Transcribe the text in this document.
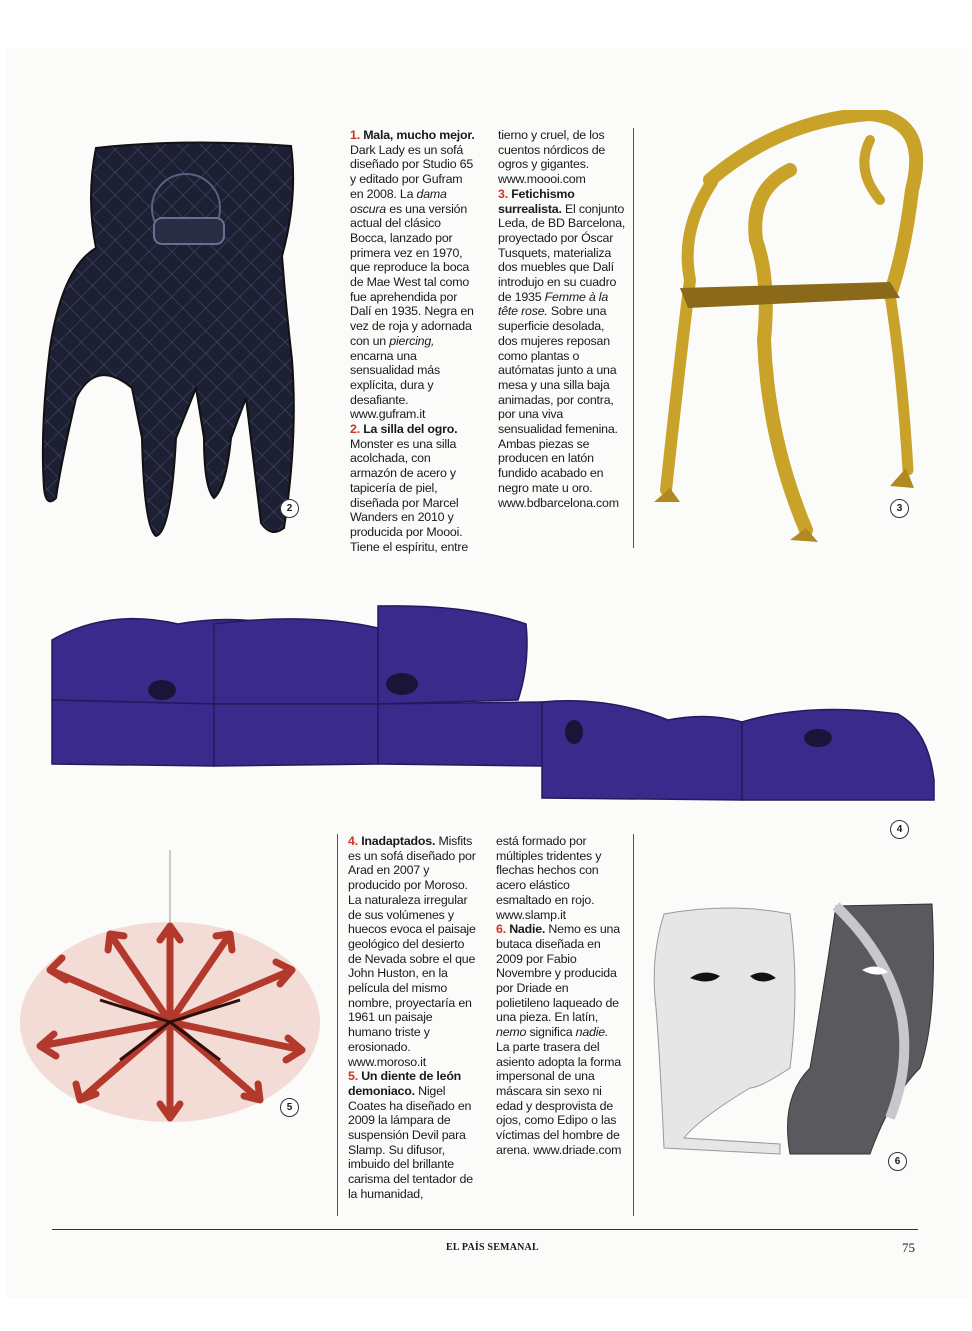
2

1. Mala, mucho mejor. Dark Lady es un sofá diseñado por Studio 65 y editado por Gufram en 2008. La dama oscura es una versión actual del clásico Bocca, lanzado por primera vez en 1970, que reproduce la boca de Mae West tal como fue aprehendida por Dalí en 1935. Negra en vez de roja y adornada con un piercing, encarna una sensualidad más explícita, dura y desafiante. www.gufram.it

2. La silla del ogro. Monster es una silla acolchada, con armazón de acero y tapicería de piel, diseñada por Marcel Wanders en 2010 y producida por Moooi. Tiene el espíritu, entre

tierno y cruel, de los cuentos nórdicos de ogros y gigantes. www.moooi.com

3. Fetichismo surrealista. El conjunto Leda, de BD Barcelona, proyectado por Óscar Tusquets, materializa dos muebles que Dalí introdujo en su cuadro de 1935 Femme à la tête rose. Sobre una superficie desolada, dos mujeres reposan como plantas o autómatas junto a una mesa y una silla baja animadas, por contra, por una viva sensualidad femenina. Ambas piezas se producen en latón fundido acabado en negro mate u oro. www.bdbarcelona.com	3
4

4. Inadaptados. Misfits es un sofá diseñado por Arad en 2007 y producido por Moroso. La naturaleza irregular de sus volúmenes y huecos evoca el paisaje geológico del desierto de Nevada sobre el que John Huston, en la película del mismo nombre, proyectaría en 1961 un paisaje humano triste y erosionado. www.moroso.it

5. Un diente de león demoniaco. Nigel Coates ha diseñado en 2009 la lámpara de suspensión Devil para Slamp. Su difusor, imbuido del brillante carisma del tentador de la humanidad,

está formado por múltiples tridentes y flechas hechos con acero elástico esmaltado en rojo. www.slamp.it

6. Nadie. Nemo es una butaca diseñada en 2009 por Fabio Novembre y producida por Driade en polietileno laqueado de una pieza. En latín, nemo significa nadie. La parte trasera del asiento adopta la forma impersonal de una máscara sin sexo ni edad y desprovista de ojos, como Edipo o las víctimas del hombre de arena. www.driade.com

5
6
EL PAÍS SEMANAL	75
